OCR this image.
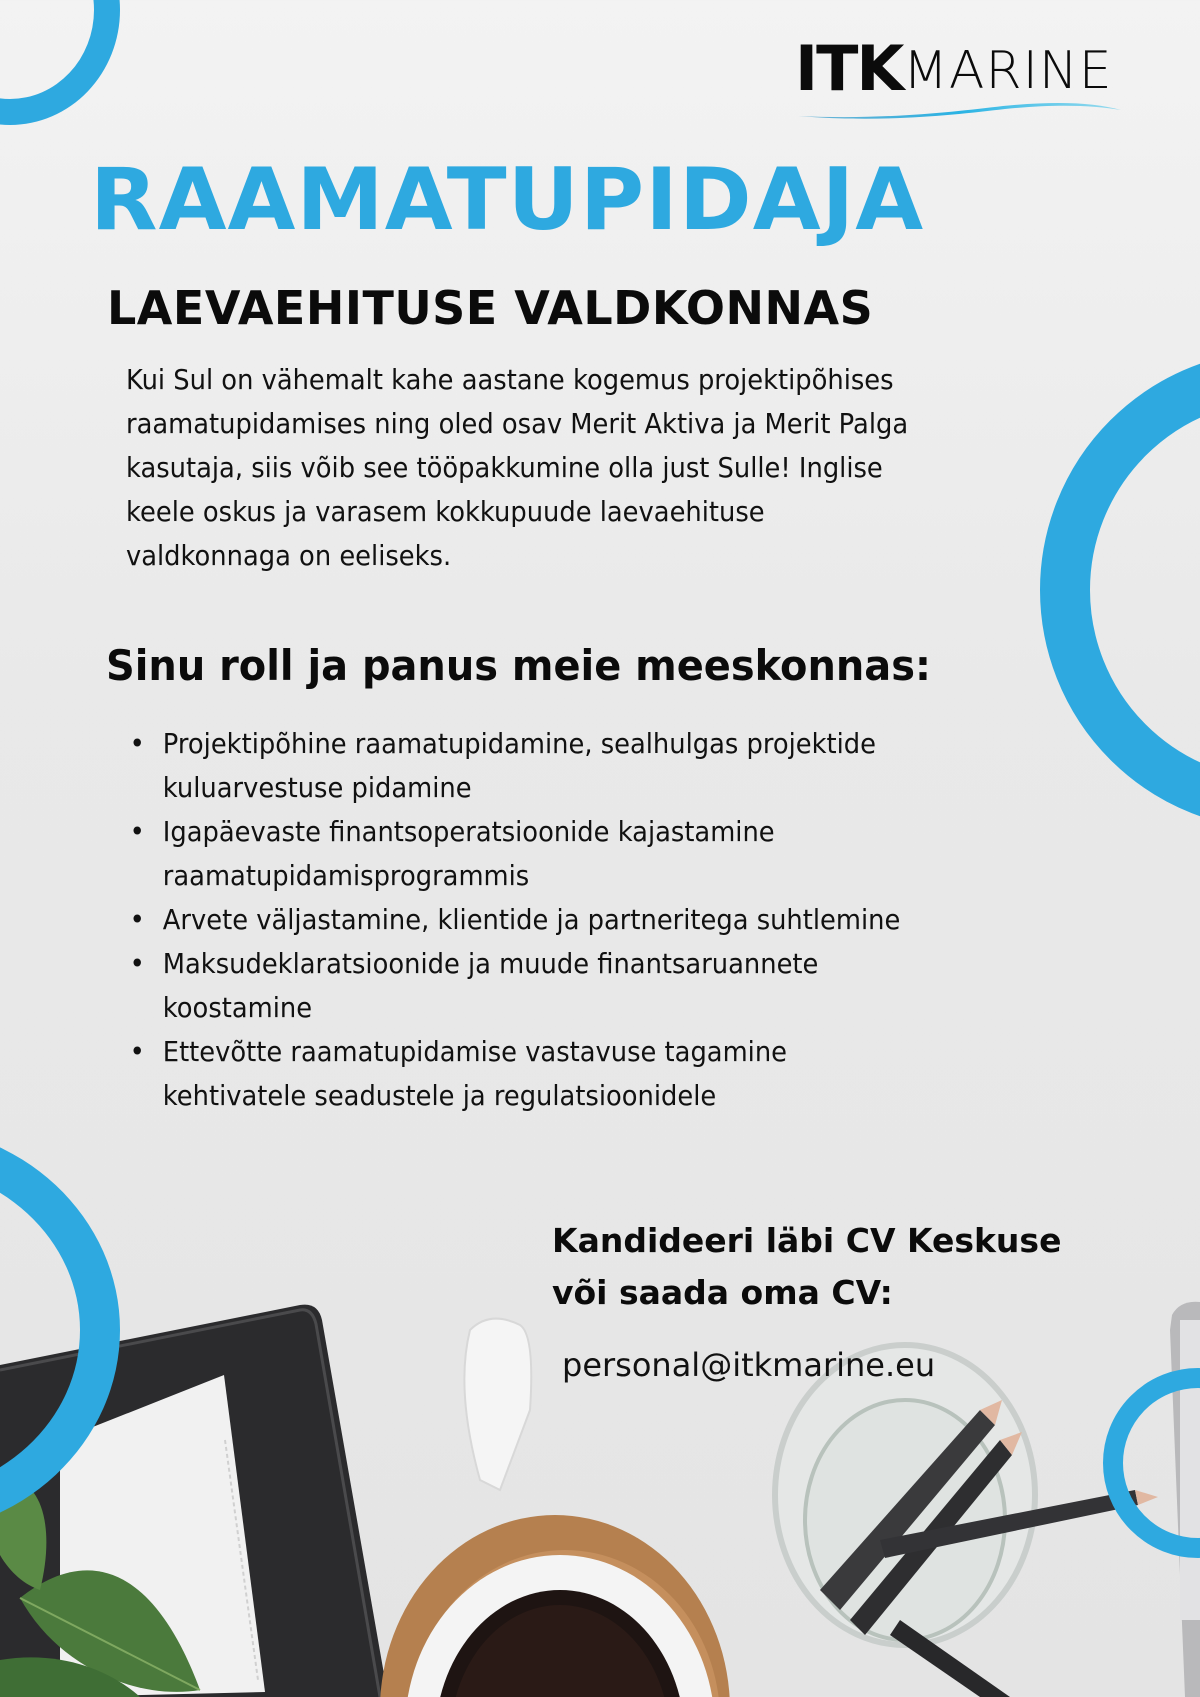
ITK MARINE
RAAMATUPIDAJA
LAEVAEHITUSE VALDKONNAS
Kui Sul on vähemalt kahe aastane kogemus projektipõhises
raamatupidamises ning oled osav Merit Aktiva ja Merit Palga
kasutaja, siis võib see tööpakkumine olla just Sulle! Inglise
keele oskus ja varasem kokkupuude laevaehituse
valdkonnaga on eeliseks.
Sinu roll ja panus meie meeskonnas:
• Projektipõhine raamatupidamine, sealhulgas projektide
kuluarvestuse pidamine
• Igapäevaste finantsoperatsioonide kajastamine
raamatupidamisprogrammis
• Arvete väljastamine, klientide ja partneritega suhtlemine
• Maksudeklaratsioonide ja muude finantsaruannete
koostamine
• Ettevõtte raamatupidamise vastavuse tagamine
kehtivatele seadustele ja regulatsioonidele
Kandideeri läbi CV Keskuse
või saada oma CV:
personal@itkmarine.eu
